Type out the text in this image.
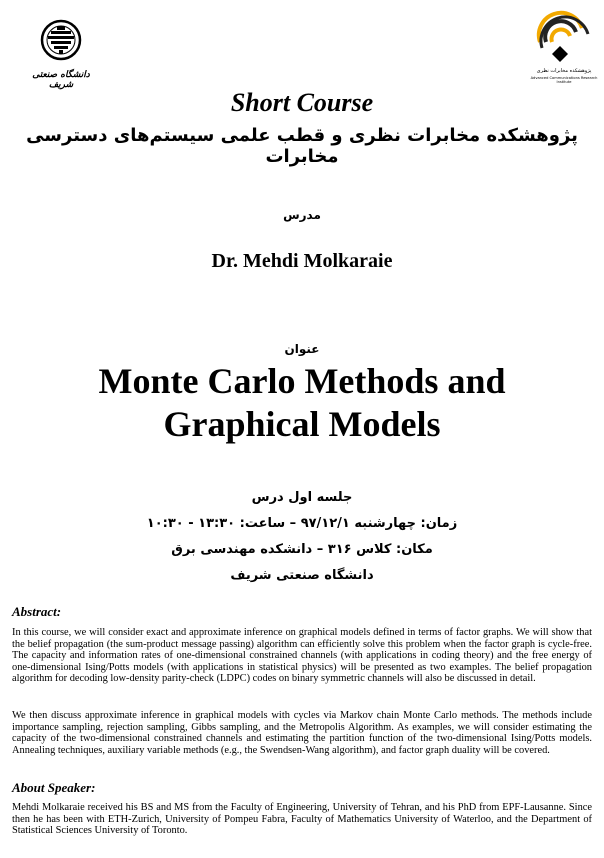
دانشگاه صنعتی شریف
پژوهشکده مخابرات نظری
Advanced Communications Research Institute
Short Course
پژوهشکده مخابرات نظری و قطب علمی سیستم‌های دسترسی مخابرات
مدرس
Dr. Mehdi Molkaraie
عنوان
Monte Carlo Methods and
Graphical Models
جلسه اول درس
زمان: چهارشنبه ۹۷/۱۲/۱ – ساعت: ۱۳:۳۰ - ۱۰:۳۰
مکان: کلاس ۳۱۶ – دانشکده مهندسی برق
دانشگاه صنعتی شریف
Abstract:
In this course, we will consider exact and approximate inference on graphical models defined in terms of factor graphs. We will show that the belief propagation (the sum-product message passing) algorithm can efficiently solve this problem when the factor graph is cycle-free. The capacity and information rates of one-dimensional constrained channels (with applications in coding theory) and the free energy of one-dimensional Ising/Potts models (with applications in statistical physics) will be presented as two examples. The belief propagation algorithm for decoding low-density parity-check (LDPC) codes on binary symmetric channels will also be discussed in detail.
We then discuss approximate inference in graphical models with cycles via Markov chain Monte Carlo methods. The methods include importance sampling, rejection sampling, Gibbs sampling, and the Metropolis Algorithm. As examples, we will consider estimating the capacity of the two-dimensional constrained channels and estimating the partition function of the two-dimensional Ising/Potts models. Annealing techniques, auxiliary variable methods (e.g., the Swendsen-Wang algorithm), and factor graph duality will be covered.
About Speaker:
Mehdi Molkaraie received his BS and MS from the Faculty of Engineering, University of Tehran, and his PhD from EPF-Lausanne. Since then he has been with ETH-Zurich, University of Pompeu Fabra, Faculty of Mathematics University of Waterloo, and the Department of Statistical Sciences University of Toronto.
